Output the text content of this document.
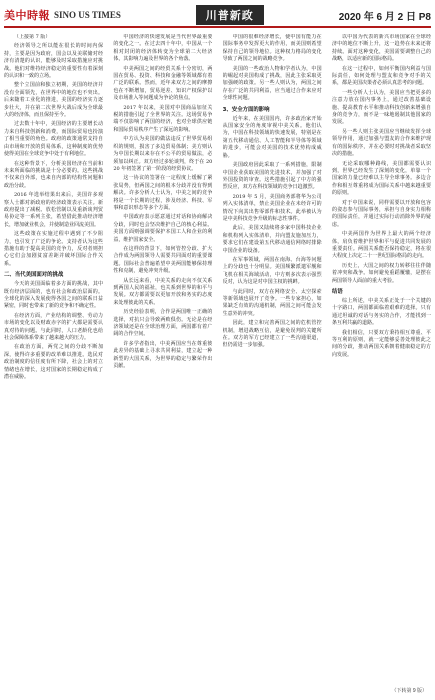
美中時報 SINO US TIMES	川普新政	2020 年 6 月 2 日 P8

（上接第 7 版）

经济领导之所以能在很长的时间内保持，主要是因为政府，国会以及美联储对经济有清楚的认识，能够及时采取措施应对挑战。他们对维持经济稳定的重要性有着深刻的认识和一致的立场。

整个立国前和独立初期，美国的经济并没有全面领先，在世界中的地位也不突出。后来随着工业化的推进，美国的经济实力逐步壮大，并在第二次世界大战后成为全球最大的经济体，而且保持至今。

过去数十年中，美国经济的主要增长动力来自科技创新和消费，而国际贸易也扮演了相当重要的角色。政府的政策通常支持自由市场和开放的贸易体系，这种制度的优势使得美国在全球竞争中处于有利地位。

在这种背景下，分析美国经济在当前和未来所面临的挑战是十分必要的。这些挑战不仅来自外部，也来自内部的结构性问题和政治分歧。

2016 年选举结果出来后，美国许多观察人士都对新政府的经济政策表示关注。新政府提出了减税、放松管制以及重新谈判贸易协定等一系列主张，希望借此推动经济增长，增加就业机会，并使制造业回流美国。

这些政策在实施过程中遇到了不少阻力，也引发了广泛的争论。支持者认为这些措施有助于提高美国的竞争力，反对者则担心它们会加剧贫富差距并破坏国际合作关系。

二、当代美国面对的挑战

今天的美国面临着多方面的挑战，其中既有经济层面的，也有社会和政治层面的。全球化的深入发展使得各国之间的联系日益紧密，同时也带来了新的竞争和不确定性。

在经济方面，产业结构的调整、劳动力市场的变化以及财政赤字的扩大都是需要认真对待的问题。与此同时，人口老龄化也给社会保障体系带来了越来越大的压力。

在政治方面，两党之间的分歧不断加深，使得许多重要的改革难以推进。选民对政治制度的信任度有所下降，社会上的对立情绪也在增长，这对国家的长期稳定构成了潜在威胁。

中国经济的快速发展是当代世界最重要的变化之一。在过去四十年中，中国从一个相对封闭的经济体转变为全球第二大经济体，其影响力遍及世界的各个角落。

中美两国之间的经贸关系十分密切，两国在贸易、投资、科技和金融等领域都有着广泛的联系。然而，近年来双方之间的摩擦也在不断增加，贸易逆差、知识产权保护以及市场准入等问题成为争论的焦点。

2017 年以来，美国对中国商品加征关税的措施引起了全世界的关注。这场贸易争端不仅影响了两国的经济，也对全球供应链和国际贸易秩序产生了深远的影响。

中方认为美国的做法违反了世界贸易组织的规则，损害了多边贸易体制；美方则认为中国长期以来存在不公平的贸易做法，必须加以纠正。双方经过多轮谈判，终于在 2020 年初签署了第一阶段的经贸协议。

这一协议的签署在一定程度上缓解了紧张局势，但两国之间的根本分歧并没有得到解决。许多分析人士认为，中美之间的竞争将是一个长期的过程，涉及经济、科技、军事和意识形态等多个方面。

中国政府表示愿意通过对话和协商解决分歧，同时也会坚决维护自己的核心利益。美国方面则强调要保护本国工人和企业的利益，维护国家安全。

在这样的背景下，如何管控分歧、扩大合作成为两国领导人需要共同面对的重要课题。国际社会普遍希望中美两国能够保持理性和克制，避免冲突升级。

从长远来看，中美关系的走向不仅关系到两国人民的福祉，也关系到世界的和平与发展。双方都需要以更加开放和务实的态度来处理彼此的关系。

历史经验表明，合作是两国唯一正确的选择，对抗只会导致两败俱伤。无论是在经济领域还是在全球治理方面，两国都有着广阔的合作空间。

许多学者指出，中美两国应当在尊重彼此差异的基础上寻求共同利益，建立起一种新型的大国关系，为世界的稳定与繁荣作出贡献。

中国的很难经济增长，使中国有能力在国际事务中发挥更大的作用，而美国则希望保持自己的领导地位。这种权力格局的变化导致了两国之间的战略竞争。

美国的一些政治人物和学者认为，中国的崛起对美国构成了挑战，因此主张采取更加强硬的政策。另一些人则认为，两国之间存在广泛的共同利益，应当通过合作来应对全球性问题。

3、安全方面的影响

近年来，在美国国内，许多政治家开始从国家安全的角度审视中美关系。他们认为，中国在科技领域的快速发展，特别是在第五代移动通信、人工智能和半导体等领域的进步，可能会对美国的技术优势构成威胁。

美国政府因此采取了一系列措施，限制中国企业获取美国的先进技术，并加强了对外国投资的审查。这些措施引起了中方的强烈反应，双方在科技领域的竞争日趋激烈。

2019 年 5 月，美国商务部将华为公司列入实体清单，禁止美国企业在未经许可的情况下向其出售零部件和技术。此举被认为是中美科技竞争升级的标志性事件。

此后，美国又陆续将多家中国科技企业和机构列入实体清单，并向盟友施加压力，要求它们在建设第五代移动通信网络时排除中国企业的设备。

在军事领域，两国在南海、台海等问题上的分歧也十分明显。美国频繁派遣军舰和飞机在相关海域活动，中方则多次表示强烈反对，认为这是对中国主权的挑衅。

与此同时，双方在网络安全、太空探索等新领域也展开了竞争。一些专家担心，如果缺乏有效的沟通机制，两国之间可能会发生意外的冲突。

因此，建立和完善两国之间的危机管控机制，增进战略互信，是避免误判的关键所在。双方的军方已经建立了一些沟通渠道，但仍需进一步加强。

以中国为代表的新兴市场国家在全球经济中的地位不断上升，这一趋势在未来还将持续。面对这种变化，美国需要调整自己的战略，以适应新的国际格局。

在这一过程中，如何平衡国内利益与国际责任，如何处理与盟友和竞争对手的关系，都是美国决策者必须认真思考的问题。

一些分析人士认为，美国应当把更多的注意力放在国内事务上，通过改善基础设施、提高教育水平和推动科技创新来增强自身的竞争力，而不是一味地遏制其他国家的发展。

另一些人则主张美国应当继续发挥全球领导作用，通过加强与盟友的合作来维护现有的国际秩序，并在必要时对挑战者采取坚决的措施。

无论采取哪种路线，美国都需要认识到，世界已经发生了深刻的变化，单靠一个国家的力量已经难以主导全球事务。多边合作和相互尊重将成为国际关系中越来越重要的原则。

对于中国来说，同样需要以开放和包容的姿态参与国际事务，承担与自身实力相称的国际责任，并通过实际行动消除外界的疑虑。

中美两国作为世界上最大的两个经济体，肩负着维护世界和平与促进共同发展的重要责任。两国关系能否保持稳定，将在很大程度上决定二十一世纪国际格局的走向。

历史上，大国之间的权力转移往往伴随着冲突和战争。如何避免重蹈覆辙，是摆在两国领导人面前的重大考验。

结语

综上所述，中美关系正处于一个关键的十字路口，两国都面临着艰难的选择。只有通过坦诚的对话与务实的合作，才能找到一条互利共赢的道路。

我们相信，只要双方秉持相互尊重、平等互利的原则，就一定能够妥善处理彼此之间的分歧，推动两国关系朝着健康稳定的方向发展。

（下转第 9 版）
